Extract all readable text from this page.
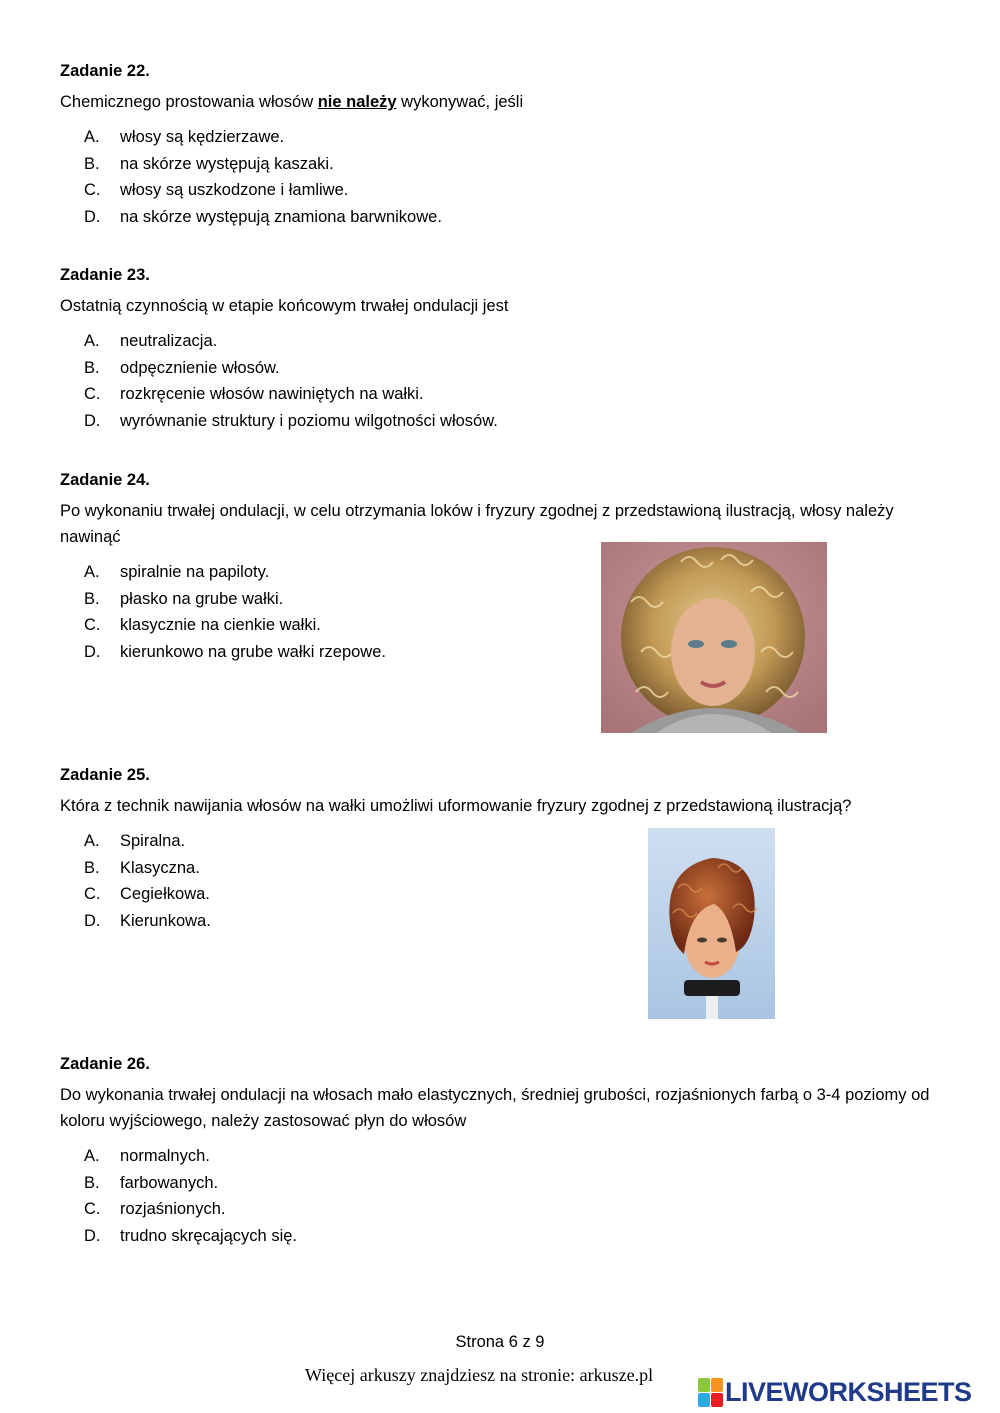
Zadanie 22.

Chemicznego prostowania włosów nie należy wykonywać, jeśli

A. włosy są kędzierzawe.
B. na skórze występują kaszaki.
C. włosy są uszkodzone i łamliwe.
D. na skórze występują znamiona barwnikowe.
Zadanie 23.

Ostatnią czynnością w etapie końcowym trwałej ondulacji jest

A. neutralizacja.
B. odpęcznienie włosów.
C. rozkręcenie włosów nawiniętych na wałki.
D. wyrównanie struktury i poziomu wilgotności włosów.
Zadanie 24.

Po wykonaniu trwałej ondulacji, w celu otrzymania loków i fryzury zgodnej z przedstawioną ilustracją, włosy należy nawinąć

A. spiralnie na papiloty.
B. płasko na grube wałki.
C. klasycznie na cienkie wałki.
D. kierunkowo na grube wałki rzepowe.
Zadanie 25.

Która z technik nawijania włosów na wałki umożliwi uformowanie fryzury zgodnej z przedstawioną ilustracją?

A. Spiralna.
B. Klasyczna.
C. Cegiełkowa.
D. Kierunkowa.
Zadanie 26.

Do wykonania trwałej ondulacji na włosach mało elastycznych, średniej grubości, rozjaśnionych farbą o 3-4 poziomy od koloru wyjściowego, należy zastosować płyn do włosów

A. normalnych.
B. farbowanych.
C. rozjaśnionych.
D. trudno skręcających się.
Strona 6 z 9
Więcej arkuszy znajdziesz na stronie: arkusze.pl
LIVEWORKSHEETS
